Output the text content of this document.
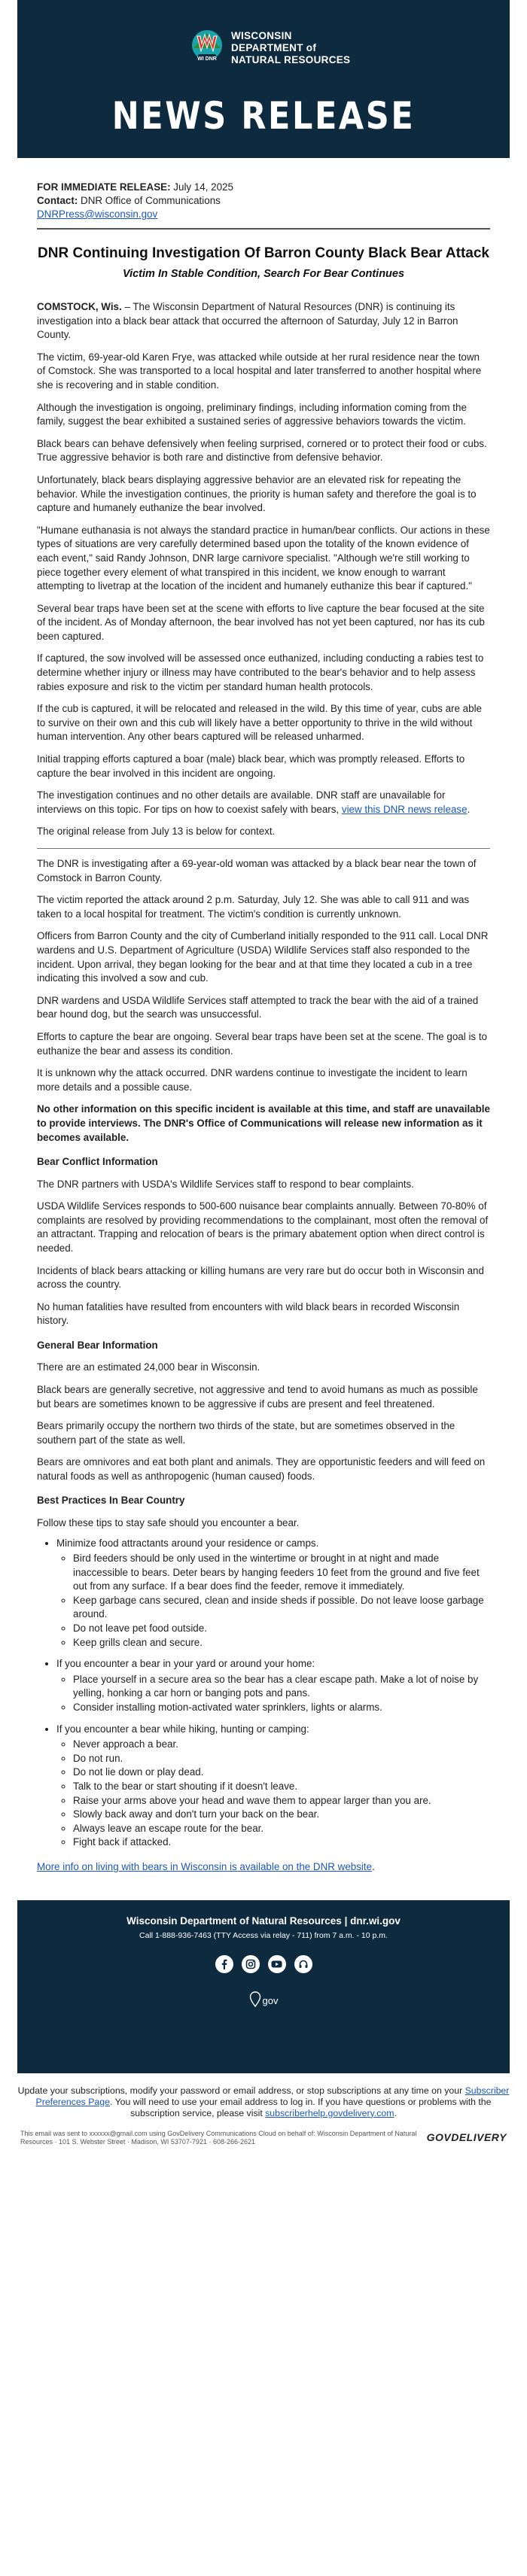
WI DNR
WISCONSIN
DEPARTMENT of
NATURAL RESOURCES
NEWS RELEASE

FOR IMMEDIATE RELEASE: July 14, 2025

Contact: DNR Office of Communications

DNRPress@wisconsin.gov

DNR Continuing Investigation Of Barron County Black Bear Attack
Victim In Stable Condition, Search For Bear Continues

COMSTOCK, Wis. – The Wisconsin Department of Natural Resources (DNR) is continuing its investigation into a black bear attack that occurred the afternoon of Saturday, July 12 in Barron County.

The victim, 69-year-old Karen Frye, was attacked while outside at her rural residence near the town of Comstock. She was transported to a local hospital and later transferred to another hospital where she is recovering and in stable condition.

Although the investigation is ongoing, preliminary findings, including information coming from the family, suggest the bear exhibited a sustained series of aggressive behaviors towards the victim.

Black bears can behave defensively when feeling surprised, cornered or to protect their food or cubs. True aggressive behavior is both rare and distinctive from defensive behavior.

Unfortunately, black bears displaying aggressive behavior are an elevated risk for repeating the behavior. While the investigation continues, the priority is human safety and therefore the goal is to capture and humanely euthanize the bear involved.

"Humane euthanasia is not always the standard practice in human/bear conflicts. Our actions in these types of situations are very carefully determined based upon the totality of the known evidence of each event," said Randy Johnson, DNR large carnivore specialist. "Although we're still working to piece together every element of what transpired in this incident, we know enough to warrant attempting to livetrap at the location of the incident and humanely euthanize this bear if captured."

Several bear traps have been set at the scene with efforts to live capture the bear focused at the site of the incident. As of Monday afternoon, the bear involved has not yet been captured, nor has its cub been captured.

If captured, the sow involved will be assessed once euthanized, including conducting a rabies test to determine whether injury or illness may have contributed to the bear's behavior and to help assess rabies exposure and risk to the victim per standard human health protocols.

If the cub is captured, it will be relocated and released in the wild. By this time of year, cubs are able to survive on their own and this cub will likely have a better opportunity to thrive in the wild without human intervention. Any other bears captured will be released unharmed.

Initial trapping efforts captured a boar (male) black bear, which was promptly released. Efforts to capture the bear involved in this incident are ongoing.

The investigation continues and no other details are available. DNR staff are unavailable for interviews on this topic. For tips on how to coexist safely with bears, view this DNR news release.

The original release from July 13 is below for context.

The DNR is investigating after a 69-year-old woman was attacked by a black bear near the town of Comstock in Barron County.

The victim reported the attack around 2 p.m. Saturday, July 12. She was able to call 911 and was taken to a local hospital for treatment. The victim's condition is currently unknown.

Officers from Barron County and the city of Cumberland initially responded to the 911 call. Local DNR wardens and U.S. Department of Agriculture (USDA) Wildlife Services staff also responded to the incident. Upon arrival, they began looking for the bear and at that time they located a cub in a tree indicating this involved a sow and cub.

DNR wardens and USDA Wildlife Services staff attempted to track the bear with the aid of a trained bear hound dog, but the search was unsuccessful.

Efforts to capture the bear are ongoing. Several bear traps have been set at the scene. The goal is to euthanize the bear and assess its condition.

It is unknown why the attack occurred. DNR wardens continue to investigate the incident to learn more details and a possible cause.

No other information on this specific incident is available at this time, and staff are unavailable to provide interviews. The DNR's Office of Communications will release new information as it becomes available.

Bear Conflict Information

The DNR partners with USDA's Wildlife Services staff to respond to bear complaints.

USDA Wildlife Services responds to 500-600 nuisance bear complaints annually. Between 70-80% of complaints are resolved by providing recommendations to the complainant, most often the removal of an attractant. Trapping and relocation of bears is the primary abatement option when direct control is needed.

Incidents of black bears attacking or killing humans are very rare but do occur both in Wisconsin and across the country.

No human fatalities have resulted from encounters with wild black bears in recorded Wisconsin history.

General Bear Information

There are an estimated 24,000 bear in Wisconsin.

Black bears are generally secretive, not aggressive and tend to avoid humans as much as possible but bears are sometimes known to be aggressive if cubs are present and feel threatened.

Bears primarily occupy the northern two thirds of the state, but are sometimes observed in the southern part of the state as well.

Bears are omnivores and eat both plant and animals. They are opportunistic feeders and will feed on natural foods as well as anthropogenic (human caused) foods.

Best Practices In Bear Country

Follow these tips to stay safe should you encounter a bear.

• Minimize food attractants around your residence or camps.
◦ Bird feeders should be only used in the wintertime or brought in at night and made inaccessible to bears. Deter bears by hanging feeders 10 feet from the ground and five feet out from any surface. If a bear does find the feeder, remove it immediately.
◦ Keep garbage cans secured, clean and inside sheds if possible. Do not leave loose garbage around.
◦ Do not leave pet food outside.
◦ Keep grills clean and secure.
• If you encounter a bear in your yard or around your home:
◦ Place yourself in a secure area so the bear has a clear escape path. Make a lot of noise by yelling, honking a car horn or banging pots and pans.
◦ Consider installing motion-activated water sprinklers, lights or alarms.
• If you encounter a bear while hiking, hunting or camping:
◦ Never approach a bear.
◦ Do not run.
◦ Do not lie down or play dead.
◦ Talk to the bear or start shouting if it doesn't leave.
◦ Raise your arms above your head and wave them to appear larger than you are.
◦ Slowly back away and don't turn your back on the bear.
◦ Always leave an escape route for the bear.
◦ Fight back if attacked.

More info on living with bears in Wisconsin is available on the DNR website.

Wisconsin Department of Natural Resources | dnr.wi.gov
Call 1-888-936-7463 (TTY Access via relay - 711) from 7 a.m. - 10 p.m.
gov
Update your subscriptions, modify your password or email address, or stop subscriptions at any time on your Subscriber Preferences Page. You will need to use your email address to log in. If you have questions or problems with the subscription service, please visit subscriberhelp.govdelivery.com.
This email was sent to xxxxxx@gmail.com using GovDelivery Communications Cloud on behalf of: Wisconsin Department of Natural Resources · 101 S. Webster Street · Madison, WI 53707-7921 · 608-266-2621	GOVDELIVERY
